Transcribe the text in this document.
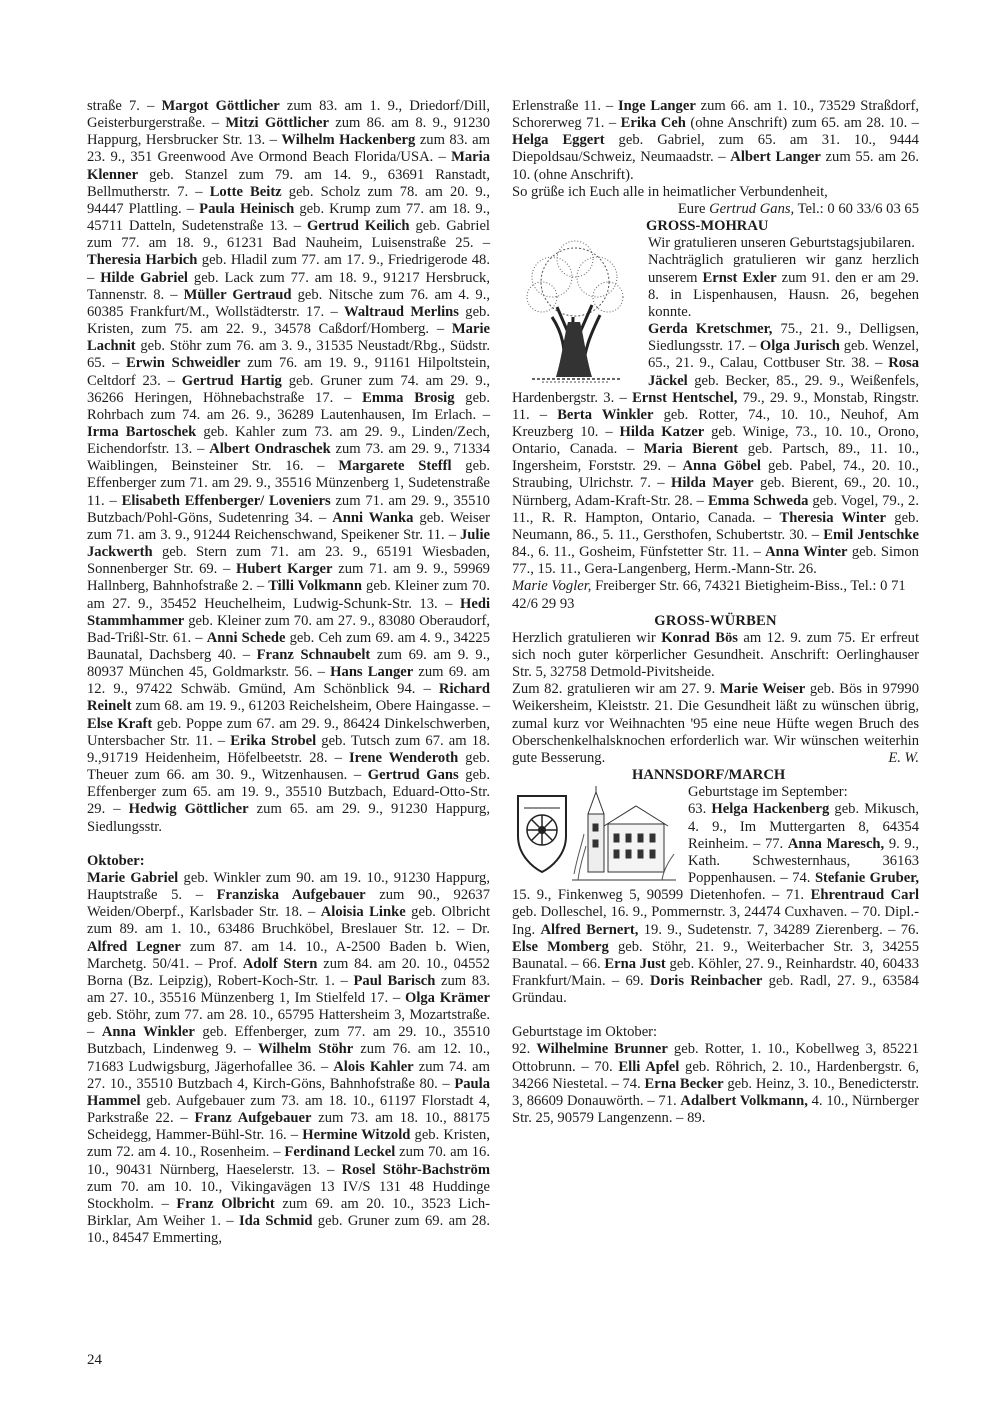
straße 7. – Margot Göttlicher zum 83. am 1. 9., Driedorf/Dill, Geisterburgerstraße. – Mitzi Göttlicher zum 86. am 8. 9., 91230 Happurg, Hersbrucker Str. 13. – Wilhelm Hackenberg zum 83. am 23. 9., 351 Greenwood Ave Ormond Beach Florida/USA. – Maria Klenner geb. Stanzel zum 79. am 14. 9., 63691 Ranstadt, Bellmutherstr. 7. – Lotte Beitz geb. Scholz zum 78. am 20. 9., 94447 Plattling. – Paula Heinisch geb. Krump zum 77. am 18. 9., 45711 Datteln, Sudetenstraße 13. – Gertrud Keilich geb. Gabriel zum 77. am 18. 9., 61231 Bad Nauheim, Luisenstraße 25. – Theresia Harbich geb. Hladil zum 77. am 17. 9., Friedrigerode 48. – Hilde Gabriel geb. Lack zum 77. am 18. 9., 91217 Hersbruck, Tannenstr. 8. – Müller Gertraud geb. Nitsche zum 76. am 4. 9., 60385 Frankfurt/M., Wollstädterstr. 17. – Waltraud Merlins geb. Kristen, zum 75. am 22. 9., 34578 Caßdorf/Homberg. – Marie Lachnit geb. Stöhr zum 76. am 3. 9., 31535 Neustadt/Rbg., Südstr. 65. – Erwin Schweidler zum 76. am 19. 9., 91161 Hilpoltstein, Celtdorf 23. – Gertrud Hartig geb. Gruner zum 74. am 29. 9., 36266 Heringen, Höhnebachstraße 17. – Emma Brosig geb. Rohrbach zum 74. am 26. 9., 36289 Lautenhausen, Im Erlach. – Irma Bartoschek geb. Kahler zum 73. am 29. 9., Linden/Zech, Eichendorfstr. 13. – Albert Ondraschek zum 73. am 29. 9., 71334 Waiblingen, Beinsteiner Str. 16. – Margarete Steffl geb. Effenberger zum 71. am 29. 9., 35516 Münzenberg 1, Sudetenstraße 11. – Elisabeth Effenberger/ Loveniers zum 71. am 29. 9., 35510 Butzbach/Pohl-Göns, Sudetenring 34. – Anni Wanka geb. Weiser zum 71. am 3. 9., 91244 Reichenschwand, Speikener Str. 11. – Julie Jackwerth geb. Stern zum 71. am 23. 9., 65191 Wiesbaden, Sonnenberger Str. 69. – Hubert Karger zum 71. am 9. 9., 59969 Hallnberg, Bahnhofstraße 2. – Tilli Volkmann geb. Kleiner zum 70. am 27. 9., 35452 Heuchelheim, Ludwig-Schunk-Str. 13. – Hedi Stammhammer geb. Kleiner zum 70. am 27. 9., 83080 Oberaudorf, Bad-Trißl-Str. 61. – Anni Schede geb. Ceh zum 69. am 4. 9., 34225 Baunatal, Dachsberg 40. – Franz Schnaubelt zum 69. am 9. 9., 80937 München 45, Goldmarkstr. 56. – Hans Langer zum 69. am 12. 9., 97422 Schwäb. Gmünd, Am Schönblick 94. – Richard Reinelt zum 68. am 19. 9., 61203 Reichelsheim, Obere Haingasse. – Else Kraft geb. Poppe zum 67. am 29. 9., 86424 Dinkelschwerben, Untersbacher Str. 11. – Erika Strobel geb. Tutsch zum 67. am 18. 9.,91719 Heidenheim, Höfelbeetstr. 28. – Irene Wenderoth geb. Theuer zum 66. am 30. 9., Witzenhausen. – Gertrud Gans geb. Effenberger zum 65. am 19. 9., 35510 Butzbach, Eduard-Otto-Str. 29. – Hedwig Göttlicher zum 65. am 29. 9., 91230 Happurg, Siedlungsstr.

Oktober:

Marie Gabriel geb. Winkler zum 90. am 19. 10., 91230 Happurg, Hauptstraße 5. – Franziska Aufgebauer zum 90., 92637 Weiden/Oberpf., Karlsbader Str. 18. – Aloisia Linke geb. Olbricht zum 89. am 1. 10., 63486 Bruchköbel, Breslauer Str. 12. – Dr. Alfred Legner zum 87. am 14. 10., A-2500 Baden b. Wien, Marchetg. 50/41. – Prof. Adolf Stern zum 84. am 20. 10., 04552 Borna (Bz. Leipzig), Robert-Koch-Str. 1. – Paul Barisch zum 83. am 27. 10., 35516 Münzenberg 1, Im Stielfeld 17. – Olga Krämer geb. Stöhr, zum 77. am 28. 10., 65795 Hattersheim 3, Mozartstraße. – Anna Winkler geb. Effenberger, zum 77. am 29. 10., 35510 Butzbach, Lindenweg 9. – Wilhelm Stöhr zum 76. am 12. 10., 71683 Ludwigsburg, Jägerhofallee 36. – Alois Kahler zum 74. am 27. 10., 35510 Butzbach 4, Kirch-Göns, Bahnhofstraße 80. – Paula Hammel geb. Aufgebauer zum 73. am 18. 10., 61197 Florstadt 4, Parkstraße 22. – Franz Aufgebauer zum 73. am 18. 10., 88175 Scheidegg, Hammer-Bühl-Str. 16. – Hermine Witzold geb. Kristen, zum 72. am 4. 10., Rosenheim. – Ferdinand Leckel zum 70. am 16. 10., 90431 Nürnberg, Haeselerstr. 13. – Rosel Stöhr-Bachström zum 70. am 10. 10., Vikingavägen 13 IV/S 131 48 Huddinge Stockholm. – Franz Olbricht zum 69. am 20. 10., 3523 Lich-Birklar, Am Weiher 1. – Ida Schmid geb. Gruner zum 69. am 28. 10., 84547 Emmerting,

Erlenstraße 11. – Inge Langer zum 66. am 1. 10., 73529 Straßdorf, Schorerweg 71. – Erika Ceh (ohne Anschrift) zum 65. am 28. 10. – Helga Eggert geb. Gabriel, zum 65. am 31. 10., 9444 Diepoldsau/Schweiz, Neumaadstr. – Albert Langer zum 55. am 26. 10. (ohne Anschrift).

So grüße ich Euch alle in heimatlicher Verbundenheit,

Eure Gertrud Gans, Tel.: 0 60 33/6 03 65

GROSS-MOHRAU

Wir gratulieren unseren Geburtstagsjubilaren.

Nachträglich gratulieren wir ganz herzlich unserem Ernst Exler zum 91. den er am 29. 8. in Lispenhausen, Hausn. 26, begehen konnte.

Gerda Kretschmer, 75., 21. 9., Delligsen, Siedlungsstr. 17. – Olga Jurisch geb. Wenzel, 65., 21. 9., Calau, Cottbuser Str. 38. – Rosa Jäckel geb. Becker, 85., 29. 9., Weißenfels, Hardenbergstr. 3. – Ernst Hentschel, 79., 29. 9., Monstab, Ringstr. 11. – Berta Winkler geb. Rotter, 74., 10. 10., Neuhof, Am Kreuzberg 10. – Hilda Katzer geb. Winige, 73., 10. 10., Orono, Ontario, Canada. – Maria Bierent geb. Partsch, 89., 11. 10., Ingersheim, Forststr. 29. – Anna Göbel geb. Pabel, 74., 20. 10., Straubing, Ulrichstr. 7. – Hilda Mayer geb. Bierent, 69., 20. 10., Nürnberg, Adam-Kraft-Str. 28. – Emma Schweda geb. Vogel, 79., 2. 11., R. R. Hampton, Ontario, Canada. – Theresia Winter geb. Neumann, 86., 5. 11., Gersthofen, Schubertstr. 30. – Emil Jentschke 84., 6. 11., Gosheim, Fünfstetter Str. 11. – Anna Winter geb. Simon 77., 15. 11., Gera-Langenberg, Herm.-Mann-Str. 26.

Marie Vogler, Freiberger Str. 66, 74321 Bietigheim-Biss., Tel.: 0 71 42/6 29 93

GROSS-WÜRBEN

Herzlich gratulieren wir Konrad Bös am 12. 9. zum 75. Er erfreut sich noch guter körperlicher Gesundheit. Anschrift: Oerlinghauser Str. 5, 32758 Detmold-Pivitsheide.

Zum 82. gratulieren wir am 27. 9. Marie Weiser geb. Bös in 97990 Weikersheim, Kleiststr. 21. Die Gesundheit läßt zu wünschen übrig, zumal kurz vor Weihnachten '95 eine neue Hüfte wegen Bruch des Oberschenkelhalsknochen erforderlich war. Wir wünschen weiterhin gute Besserung.	E. W.

HANNSDORF/MARCH

Geburtstage im September:

63. Helga Hackenberg geb. Mikusch, 4. 9., Im Muttergarten 8, 64354 Reinheim. – 77. Anna Maresch, 9. 9., Kath. Schwesternhaus, 36163 Poppenhausen. – 74. Stefanie Gruber, 15. 9., Finkenweg 5, 90599 Dietenhofen. – 71. Ehrentraud Carl geb. Dolleschel, 16. 9., Pommernstr. 3, 24474 Cuxhaven. – 70. Dipl.-Ing. Alfred Bernert, 19. 9., Sudetenstr. 7, 34289 Zierenberg. – 76. Else Momberg geb. Stöhr, 21. 9., Weiterbacher Str. 3, 34255 Baunatal. – 66. Erna Just geb. Köhler, 27. 9., Reinhardstr. 40, 60433 Frankfurt/Main. – 69. Doris Reinbacher geb. Radl, 27. 9., 63584 Gründau.

Geburtstage im Oktober:

92. Wilhelmine Brunner geb. Rotter, 1. 10., Kobellweg 3, 85221 Ottobrunn. – 70. Elli Apfel geb. Röhrich, 2. 10., Hardenbergstr. 6, 34266 Niestetal. – 74. Erna Becker geb. Heinz, 3. 10., Benedicterstr. 3, 86609 Donauwörth. – 71. Adalbert Volkmann, 4. 10., Nürnberger Str. 25, 90579 Langenzenn. – 89.

24
